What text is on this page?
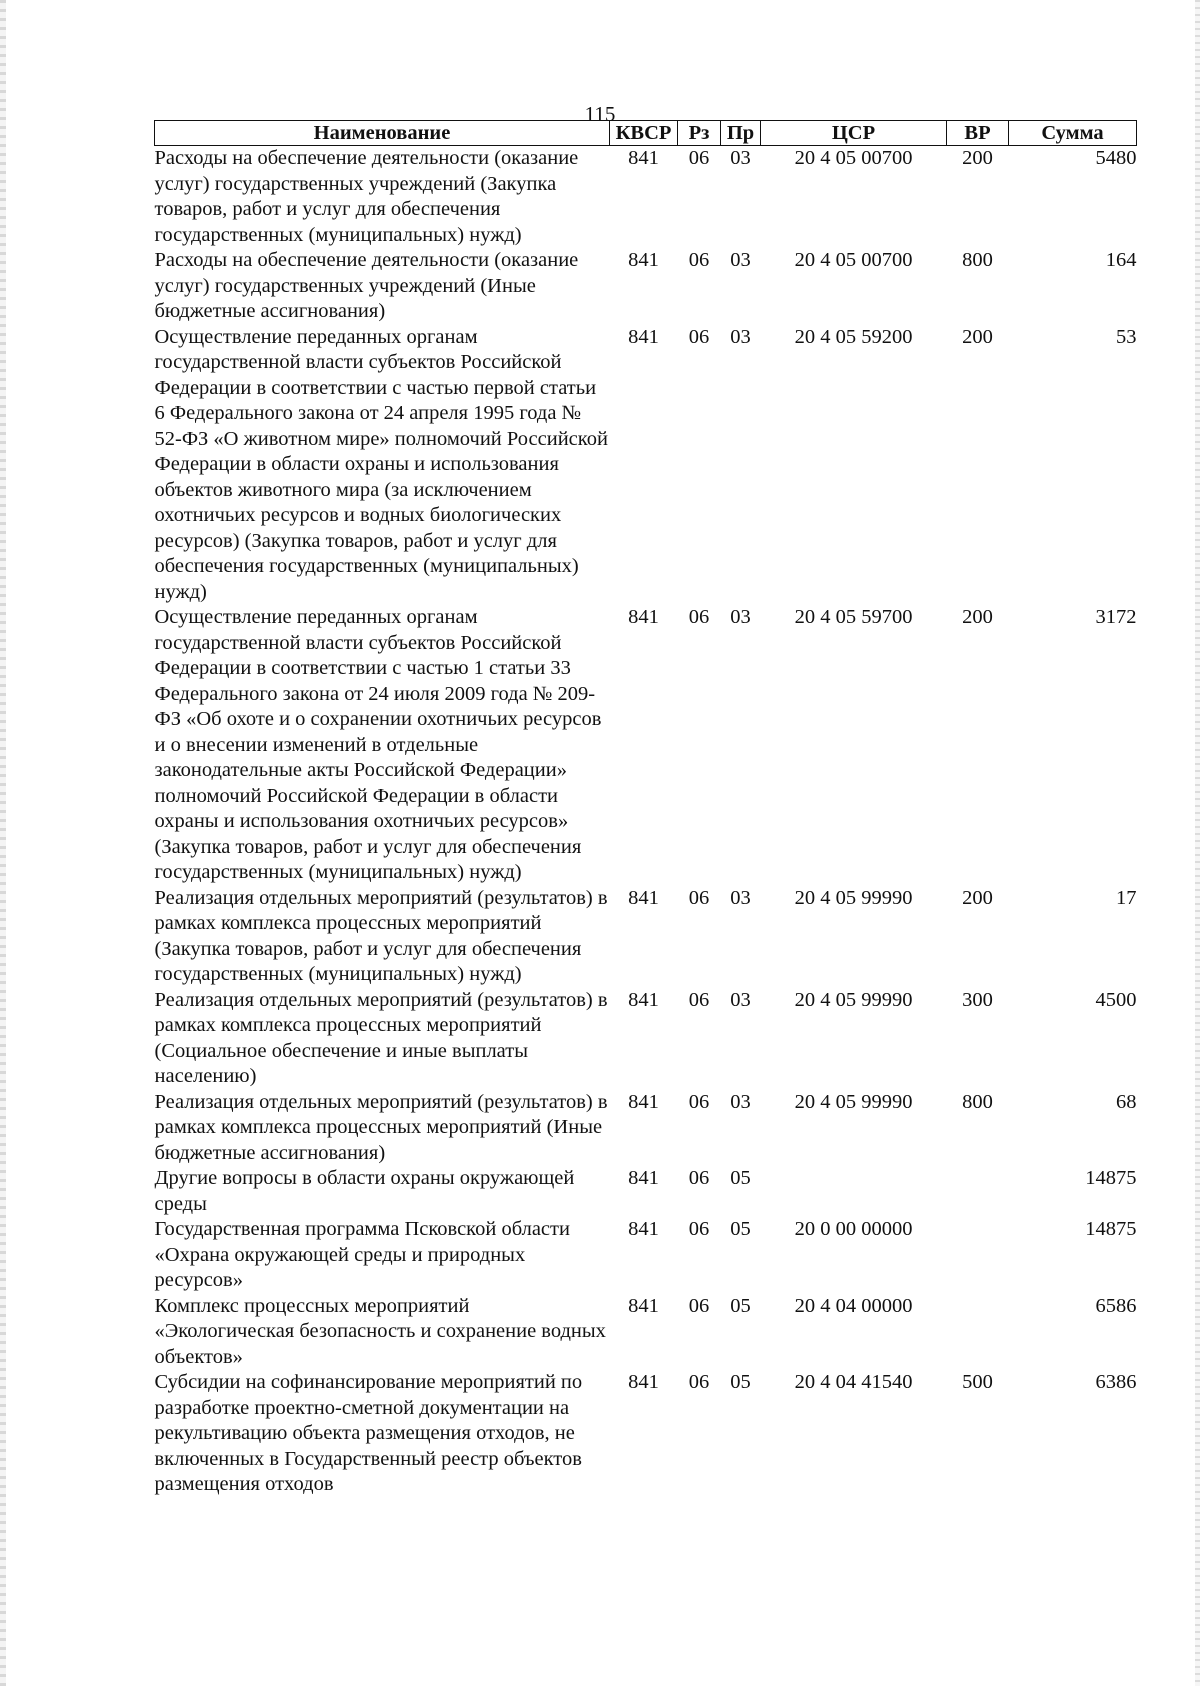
115
Наименование	КВСР	Рз	Пр	ЦСР	ВР	Сумма
Расходы на обеспечение деятельности (оказание услуг) государственных учреждений (Закупка товаров, работ и услуг для обеспечения государственных (муниципальных) нужд)	841	06	03	20 4 05 00700	200	5480
Расходы на обеспечение деятельности (оказание услуг) государственных учреждений (Иные бюджетные ассигнования)	841	06	03	20 4 05 00700	800	164
Осуществление переданных органам государственной власти субъектов Российской Федерации в соответствии с частью первой статьи 6 Федерального закона от 24 апреля 1995 года № 52-ФЗ «О животном мире» полномочий Российской Федерации в области охраны и использования объектов животного мира (за исключением охотничьих ресурсов и водных биологических ресурсов) (Закупка товаров, работ и услуг для обеспечения государственных (муниципальных) нужд)	841	06	03	20 4 05 59200	200	53
Осуществление переданных органам государственной власти субъектов Российской Федерации в соответствии с частью 1 статьи 33 Федерального закона от 24 июля 2009 года № 209-ФЗ «Об охоте и о сохранении охотничьих ресурсов и о внесении изменений в отдельные законодательные акты Российской Федерации» полномочий Российской Федерации в области охраны и использования охотничьих ресурсов» (Закупка товаров, работ и услуг для обеспечения государственных (муниципальных) нужд)	841	06	03	20 4 05 59700	200	3172
Реализация отдельных мероприятий (результатов) в рамках комплекса процессных мероприятий (Закупка товаров, работ и услуг для обеспечения государственных (муниципальных) нужд)	841	06	03	20 4 05 99990	200	17
Реализация отдельных мероприятий (результатов) в рамках комплекса процессных мероприятий (Социальное обеспечение и иные выплаты населению)	841	06	03	20 4 05 99990	300	4500
Реализация отдельных мероприятий (результатов) в рамках комплекса процессных мероприятий (Иные бюджетные ассигнования)	841	06	03	20 4 05 99990	800	68
Другие вопросы в области охраны окружающей среды	841	06	05			14875
Государственная программа Псковской области «Охрана окружающей среды и природных ресурсов»	841	06	05	20 0 00 00000		14875
Комплекс процессных мероприятий «Экологическая безопасность и сохранение водных объектов»	841	06	05	20 4 04 00000		6586
Субсидии на софинансирование мероприятий по разработке проектно-сметной документации на рекультивацию объекта размещения отходов, не включенных в Государственный реестр объектов размещения отходов	841	06	05	20 4 04 41540	500	6386
